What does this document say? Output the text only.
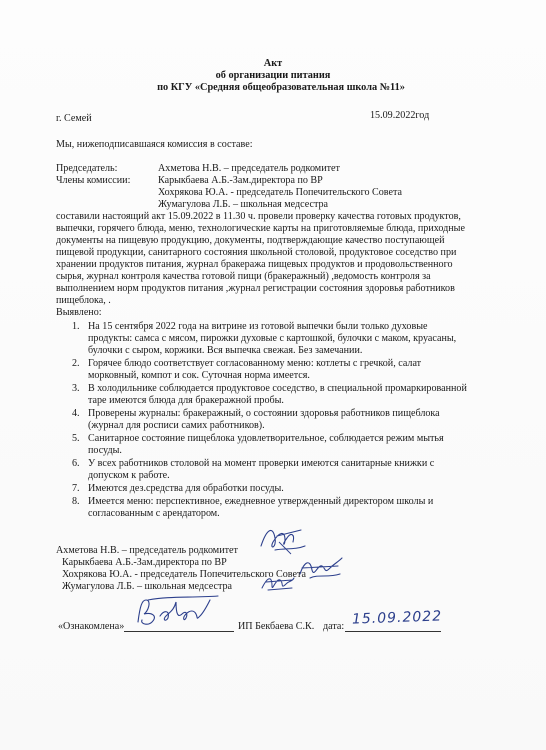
Акт
об организации питания
по КГУ «Средняя общеобразовательная школа №11»
г. Семей	15.09.2022год
Мы, нижеподписавшаяся комиссия в составе:
Председатель:	Ахметова Н.В. – председатель родкомитет
Члены комиссии:	Карыкбаева А.Б.-Зам.директора по ВР
Хохрякова Ю.А. - председатель Попечительского Совета
Жумагулова Л.Б. – школьная медсестра
составили настоящий акт 15.09.2022 в 11.30 ч. провели проверку качества готовых продуктов,
выпечки, горячего блюда, меню, технологические карты на приготовляемые блюда, приходные
документы на пищевую продукцию, документы, подтверждающие качество поступающей
пищевой продукции, санитарного состояния школьной столовой, продуктовое соседство при
хранении продуктов питания, журнал бракеража пищевых продуктов и продовольственного
сырья, журнал контроля качества готовой пищи (бракеражный) ,ведомость контроля за
выполнением норм продуктов питания ,журнал регистрации состояния здоровья работников
пищеблока, .
Выявлено:
1. На 15 сентября 2022 года на витрине из готовой выпечки были только духовые
продукты: самса с мясом, пирожки духовые с картошкой, булочки с маком, круасаны,
булочки с сыром, коржики. Вся выпечка свежая. Без замечании.
2. Горячее блюдо соответствует согласованному меню: котлеты с гречкой, салат
морковный, компот и сок. Суточная норма имеется.
3. В холодильнике соблюдается продуктовое соседство, в специальной промаркированной
таре имеются блюда для бракеражной пробы.
4. Проверены журналы: бракеражный, о состоянии здоровья работников пищеблока
(журнал для росписи самих работников).
5. Санитарное состояние пищеблока удовлетворительное, соблюдается режим мытья
посуды.
6. У всех работников столовой на момент проверки имеются санитарные книжки с
допуском к работе.
7. Имеются дез.средства для обработки посуды.
8. Имеется меню: перспективное, ежедневное утвержденный директором школы и
согласованным с арендатором.
Ахметова Н.В. – председатель родкомитет
Карыкбаева А.Б.-Зам.директора по ВР
Хохрякова Ю.А. - председатель Попечительского Совета
Жумагулова Л.Б. – школьная медсестра
«Ознакомлена»	ИП Бекбаева С.К. дата: 15.09.2022
